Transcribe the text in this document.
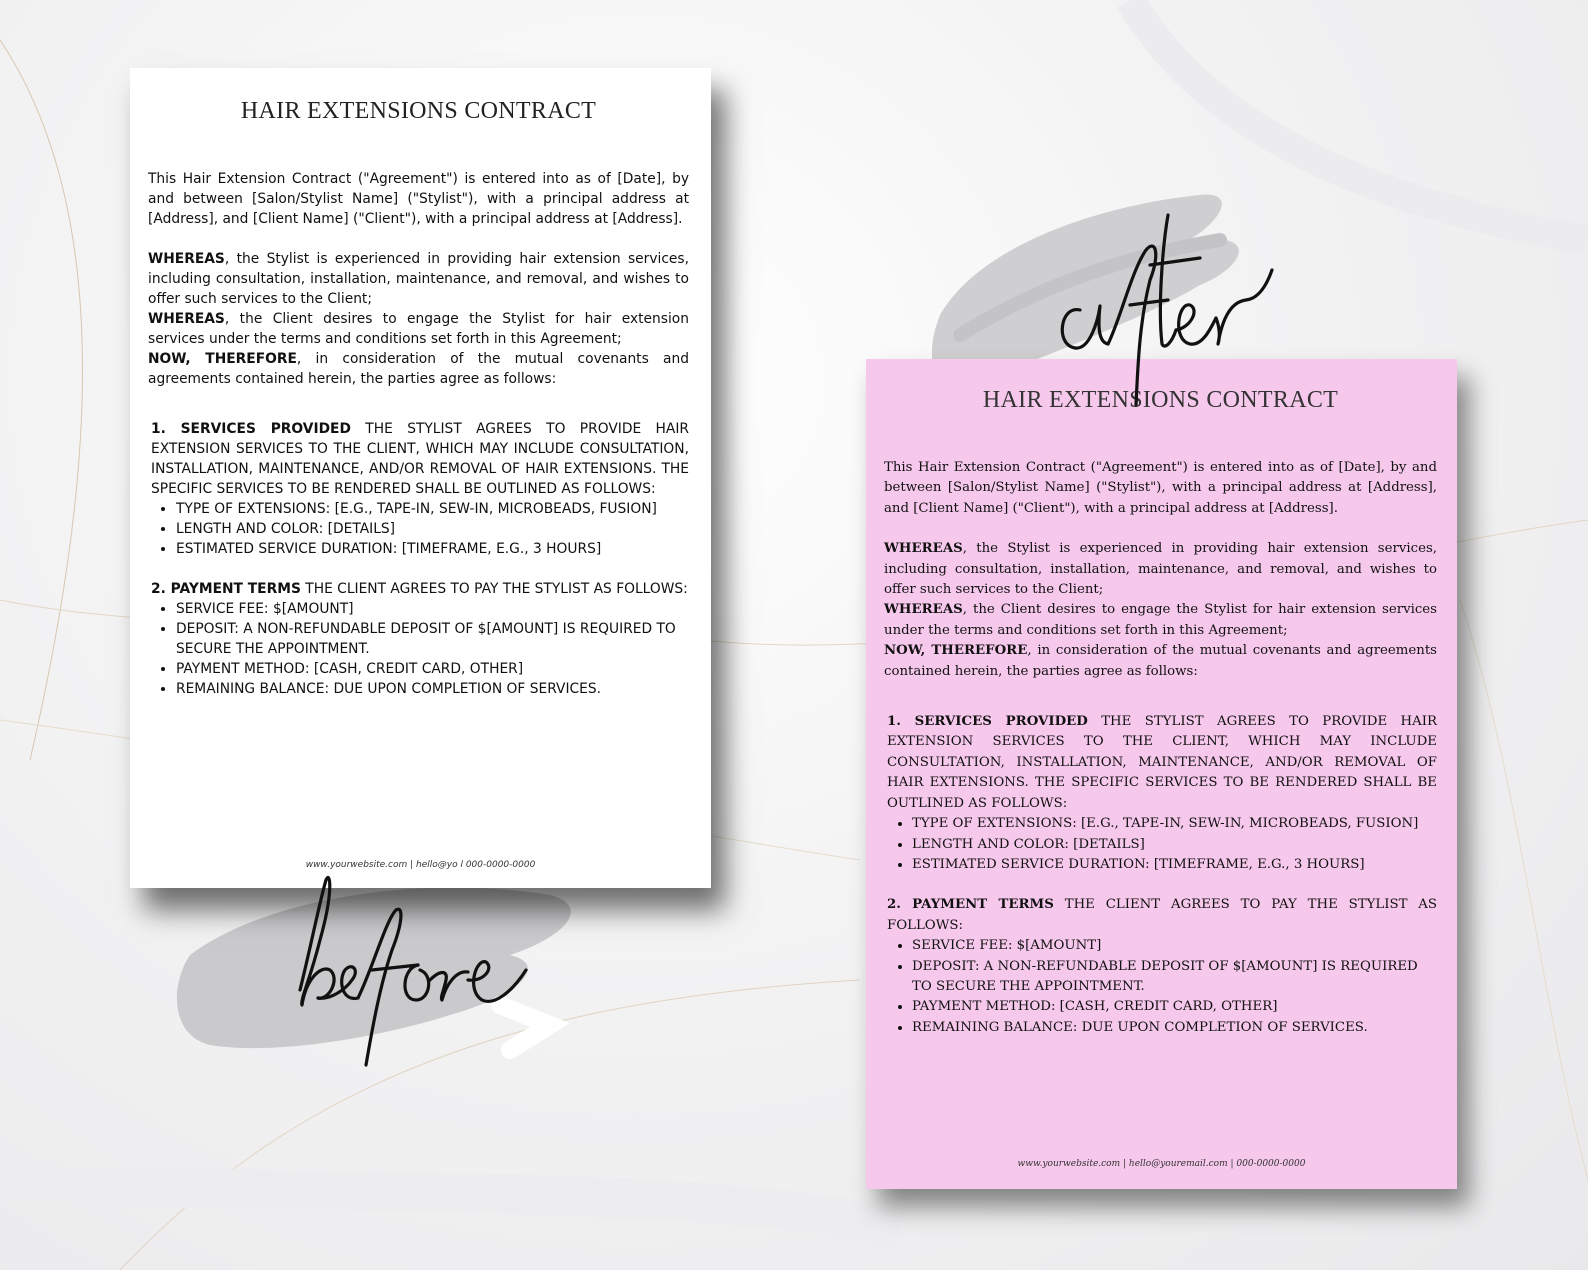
HAIR EXTENSIONS CONTRACT

This Hair Extension Contract ("Agreement") is entered into as of [Date], by and between [Salon/Stylist Name] ("Stylist"), with a principal address at [Address], and [Client Name] ("Client"), with a principal address at [Address].

WHEREAS, the Stylist is experienced in providing hair extension services, including consultation, installation, maintenance, and removal, and wishes to offer such services to the Client;

WHEREAS, the Client desires to engage the Stylist for hair extension services under the terms and conditions set forth in this Agreement;

NOW, THEREFORE, in consideration of the mutual covenants and agreements contained herein, the parties agree as follows:

1. SERVICES PROVIDED THE STYLIST AGREES TO PROVIDE HAIR EXTENSION SERVICES TO THE CLIENT, WHICH MAY INCLUDE CONSULTATION, INSTALLATION, MAINTENANCE, AND/OR REMOVAL OF HAIR EXTENSIONS. THE SPECIFIC SERVICES TO BE RENDERED SHALL BE OUTLINED AS FOLLOWS:

• TYPE OF EXTENSIONS: [E.G., TAPE-IN, SEW-IN, MICROBEADS, FUSION]
• LENGTH AND COLOR: [DETAILS]
• ESTIMATED SERVICE DURATION: [TIMEFRAME, E.G., 3 HOURS]

2. PAYMENT TERMS THE CLIENT AGREES TO PAY THE STYLIST AS FOLLOWS:

• SERVICE FEE: $[AMOUNT]
• DEPOSIT: A NON-REFUNDABLE DEPOSIT OF $[AMOUNT] IS REQUIRED TO SECURE THE APPOINTMENT.
• PAYMENT METHOD: [CASH, CREDIT CARD, OTHER]
• REMAINING BALANCE: DUE UPON COMPLETION OF SERVICES.
www.yourwebsite.com | hello@yo l 000-0000-0000
HAIR EXTENSIONS CONTRACT

This Hair Extension Contract ("Agreement") is entered into as of [Date], by and between [Salon/Stylist Name] ("Stylist"), with a principal address at [Address], and [Client Name] ("Client"), with a principal address at [Address].

WHEREAS, the Stylist is experienced in providing hair extension services, including consultation, installation, maintenance, and removal, and wishes to offer such services to the Client;

WHEREAS, the Client desires to engage the Stylist for hair extension services under the terms and conditions set forth in this Agreement;

NOW, THEREFORE, in consideration of the mutual covenants and agreements contained herein, the parties agree as follows:

1. SERVICES PROVIDED THE STYLIST AGREES TO PROVIDE HAIR EXTENSION SERVICES TO THE CLIENT, WHICH MAY INCLUDE CONSULTATION, INSTALLATION, MAINTENANCE, AND/OR REMOVAL OF HAIR EXTENSIONS. THE SPECIFIC SERVICES TO BE RENDERED SHALL BE OUTLINED AS FOLLOWS:

• TYPE OF EXTENSIONS: [E.G., TAPE-IN, SEW-IN, MICROBEADS, FUSION]
• LENGTH AND COLOR: [DETAILS]
• ESTIMATED SERVICE DURATION: [TIMEFRAME, E.G., 3 HOURS]

2. PAYMENT TERMS THE CLIENT AGREES TO PAY THE STYLIST AS FOLLOWS:

• SERVICE FEE: $[AMOUNT]
• DEPOSIT: A NON-REFUNDABLE DEPOSIT OF $[AMOUNT] IS REQUIRED TO SECURE THE APPOINTMENT.
• PAYMENT METHOD: [CASH, CREDIT CARD, OTHER]
• REMAINING BALANCE: DUE UPON COMPLETION OF SERVICES.
www.yourwebsite.com | hello@youremail.com | 000-0000-0000
